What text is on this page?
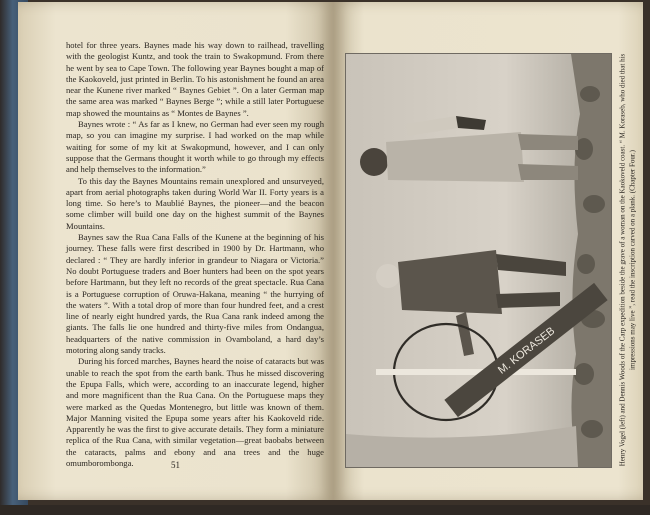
hotel for three years. Baynes made his way down to railhead, travelling with the geologist Kuntz, and took the train to Swakopmund. From there he went by sea to Cape Town. The following year Baynes bought a map of the Kaokoveld, just printed in Berlin. To his astonishment he found an area near the Kunene river marked “ Baynes Gebiet ”. On a later German map the same area was marked “ Baynes Berge ”; while a still later Portuguese map showed the mountains as “ Montes de Baynes ”.

Baynes wrote : “ As far as I knew, no German had ever seen my rough map, so you can imagine my surprise. I had worked on the map while waiting for some of my kit at Swakopmund, however, and I can only suppose that the Germans thought it worth while to go through my effects and help themselves to the information.”

To this day the Baynes Mountains remain unexplored and unsurveyed, apart from aerial photographs taken during World War II. Forty years is a long time. So here’s to Maublié Baynes, the pioneer—and the beacon some climber will build one day on the highest summit of the Baynes Mountains.

Baynes saw the Rua Cana Falls of the Kunene at the beginning of his journey. These falls were first described in 1900 by Dr. Hartmann, who declared : “ They are hardly inferior in grandeur to Niagara or Victoria.” No doubt Portuguese traders and Boer hunters had been on the spot years before Hartmann, but they left no records of the great spectacle. Rua Cana is a Portuguese corruption of Oruwa-Hakana, meaning “ the hurrying of the waters ”. With a total drop of more than four hundred feet, and a crest line of nearly eight hundred yards, the Rua Cana rank indeed among the giants. The falls lie one hundred and thirty-five miles from Ondangua, headquarters of the native commission in Ovamboland, a hard day’s motoring along sandy tracks.

During his forced marches, Baynes heard the noise of cataracts but was unable to reach the spot from the earth bank. Thus he missed discovering the Epupa Falls, which were, according to an inaccurate legend, higher and more magnificent than the Rua Cana. On the Portuguese maps they were marked as the Quedas Montenegro, but little was known of them. Major Manning visited the Epupa some years after his Kaokoveld ride. Apparently he was the first to give accurate details. They form a miniature replica of the Rua Cana, with similar vegetation—great baobabs between the cataracts, palms and ebony and ana trees and the huge omumborombonga.	51
M. KORASEB	Henry Vogel (left) and Dennis Woods of the Carp expedition beside the grave of a woman on the Kaokoveld coast. “ M. Koraseb, who died that his impressions may live ”, read the inscription carved on a plank. (Chapter Four.)
